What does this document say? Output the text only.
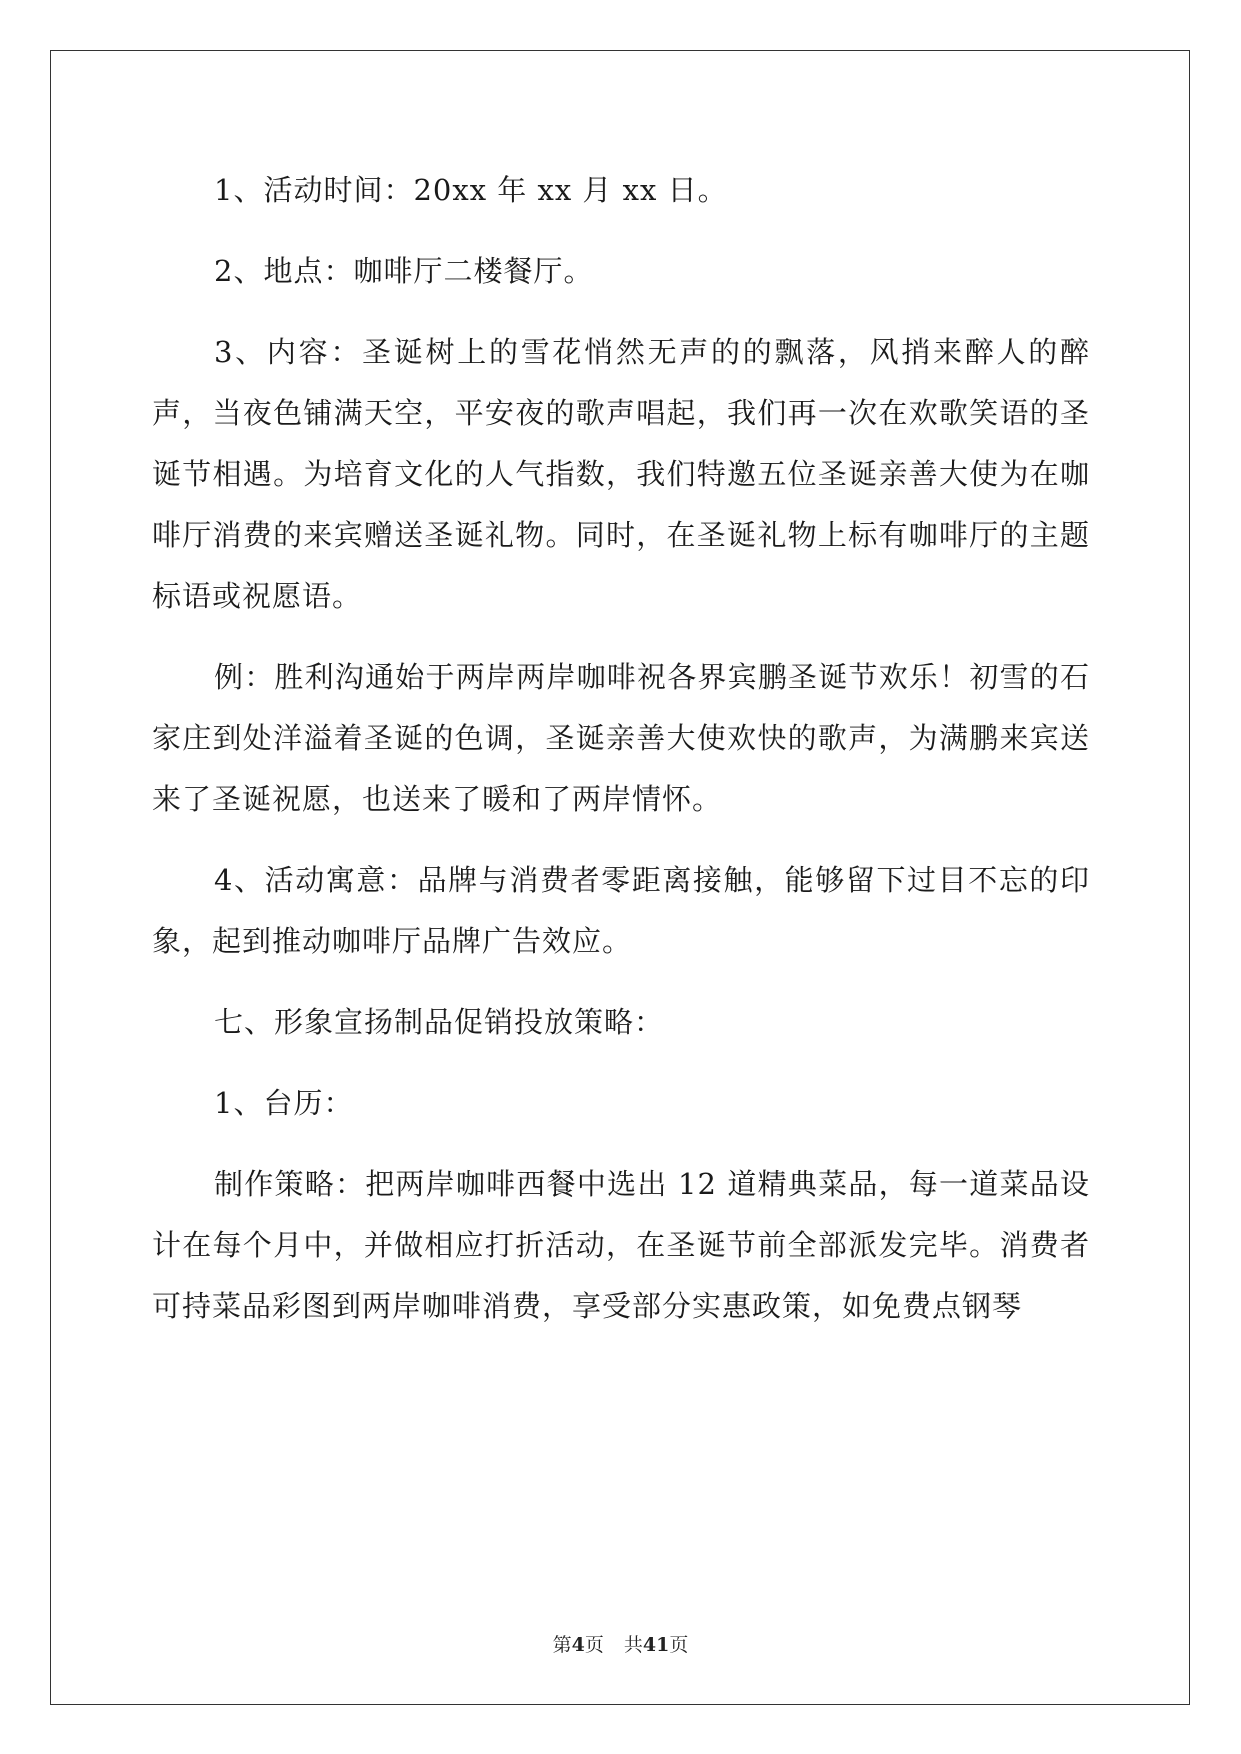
1、活动时间：20xx 年 xx 月 xx 日。

2、地点：咖啡厅二楼餐厅。

3、内容：圣诞树上的雪花悄然无声的的飘落，风捎来醉人的醉声，当夜色铺满天空，平安夜的歌声唱起，我们再一次在欢歌笑语的圣诞节相遇。为培育文化的人气指数，我们特邀五位圣诞亲善大使为在咖啡厅消费的来宾赠送圣诞礼物。同时，在圣诞礼物上标有咖啡厅的主题标语或祝愿语。

例：胜利沟通始于两岸两岸咖啡祝各界宾鹏圣诞节欢乐！初雪的石家庄到处洋溢着圣诞的色调，圣诞亲善大使欢快的歌声，为满鹏来宾送来了圣诞祝愿，也送来了暖和了两岸情怀。

4、活动寓意：品牌与消费者零距离接触，能够留下过目不忘的印象，起到推动咖啡厅品牌广告效应。

七、形象宣扬制品促销投放策略：

1、台历：

制作策略：把两岸咖啡西餐中选出 12 道精典菜品，每一道菜品设计在每个月中，并做相应打折活动，在圣诞节前全部派发完毕。消费者可持菜品彩图到两岸咖啡消费，享受部分实惠政策，如免费点钢琴

第4页 共41页
